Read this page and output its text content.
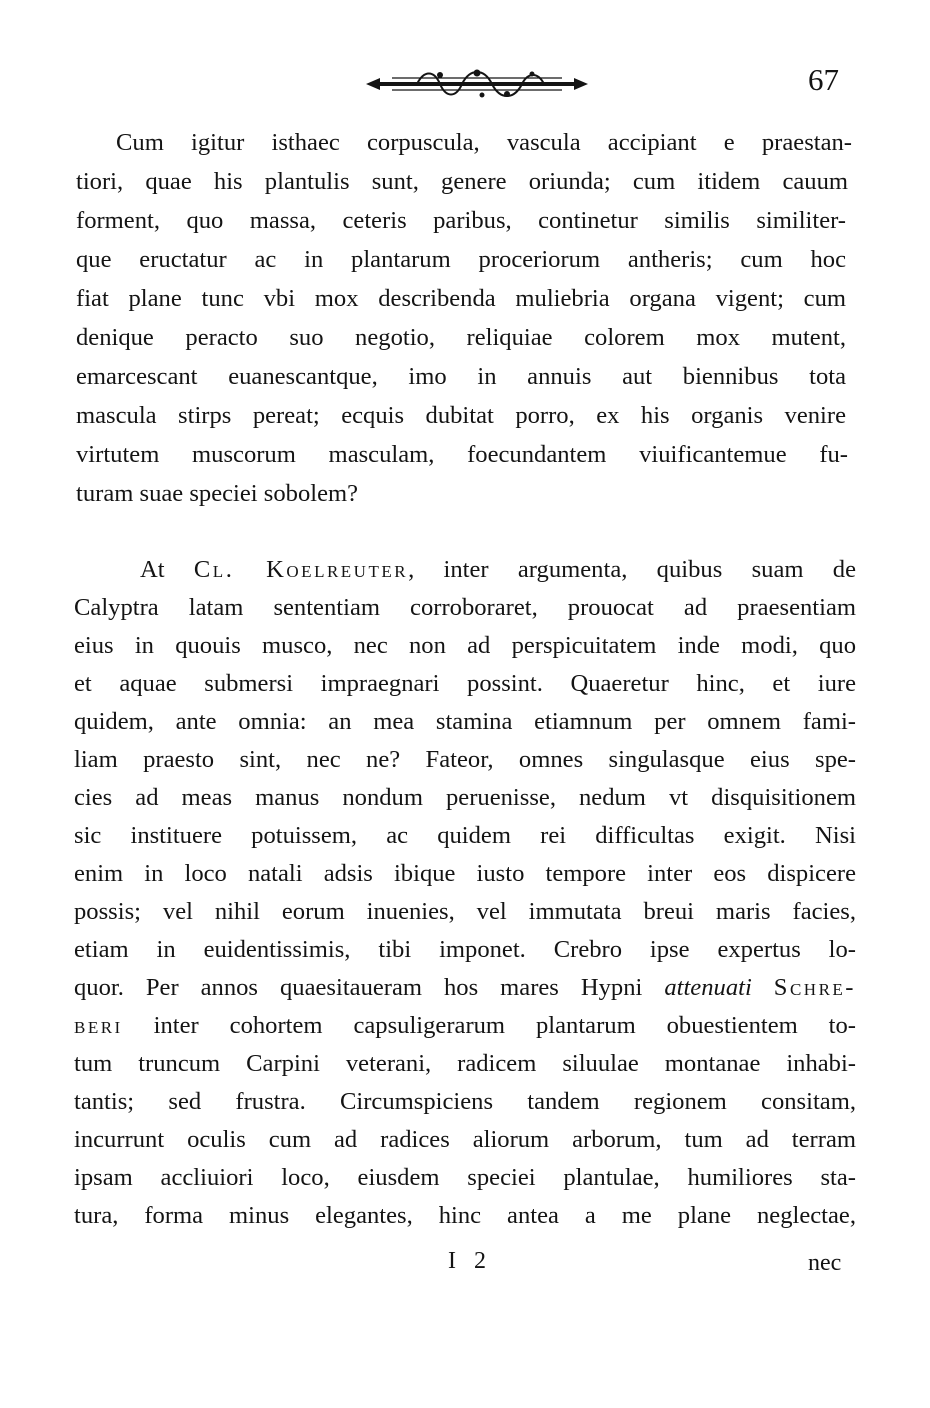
67
Cum igitur isthaec corpuscula, vascula accipiant e praestan-
tiori, quae his plantulis sunt, genere oriunda; cum itidem cauum
forment, quo massa, ceteris paribus, continetur similis similiter-
que eructatur ac in plantarum proceriorum antheris; cum hoc
fiat plane tunc vbi mox describenda muliebria organa vigent; cum
denique peracto suo negotio, reliquiae colorem mox mutent,
emarcescant euanescantque, imo in annuis aut biennibus tota
mascula stirps pereat; ecquis dubitat porro, ex his organis venire
virtutem muscorum masculam, foecundantem viuificantemue fu-
turam suae speciei sobolem?
At Cl. Koelreuter, inter argumenta, quibus suam de
Calyptra latam sententiam corroboraret, prouocat ad praesentiam
eius in quouis musco, nec non ad perspicuitatem inde modi, quo
et aquae submersi impraegnari possint. Quaeretur hinc, et iure
quidem, ante omnia: an mea stamina etiamnum per omnem fami-
liam praesto sint, nec ne? Fateor, omnes singulasque eius spe-
cies ad meas manus nondum peruenisse, nedum vt disquisitionem
sic instituere potuissem, ac quidem rei difficultas exigit. Nisi
enim in loco natali adsis ibique iusto tempore inter eos dispicere
possis; vel nihil eorum inuenies, vel immutata breui maris facies,
etiam in euidentissimis, tibi imponet. Crebro ipse expertus lo-
quor. Per annos quaesitaueram hos mares Hypni attenuati Schre-
beri inter cohortem capsuligerarum plantarum obuestientem to-
tum truncum Carpini veterani, radicem siluulae montanae inhabi-
tantis; sed frustra. Circumspiciens tandem regionem consitam,
incurrunt oculis cum ad radices aliorum arborum, tum ad terram
ipsam accliuiori loco, eiusdem speciei plantulae, humiliores sta-
tura, forma minus elegantes, hinc antea a me plane neglectae,
I 2	nec
